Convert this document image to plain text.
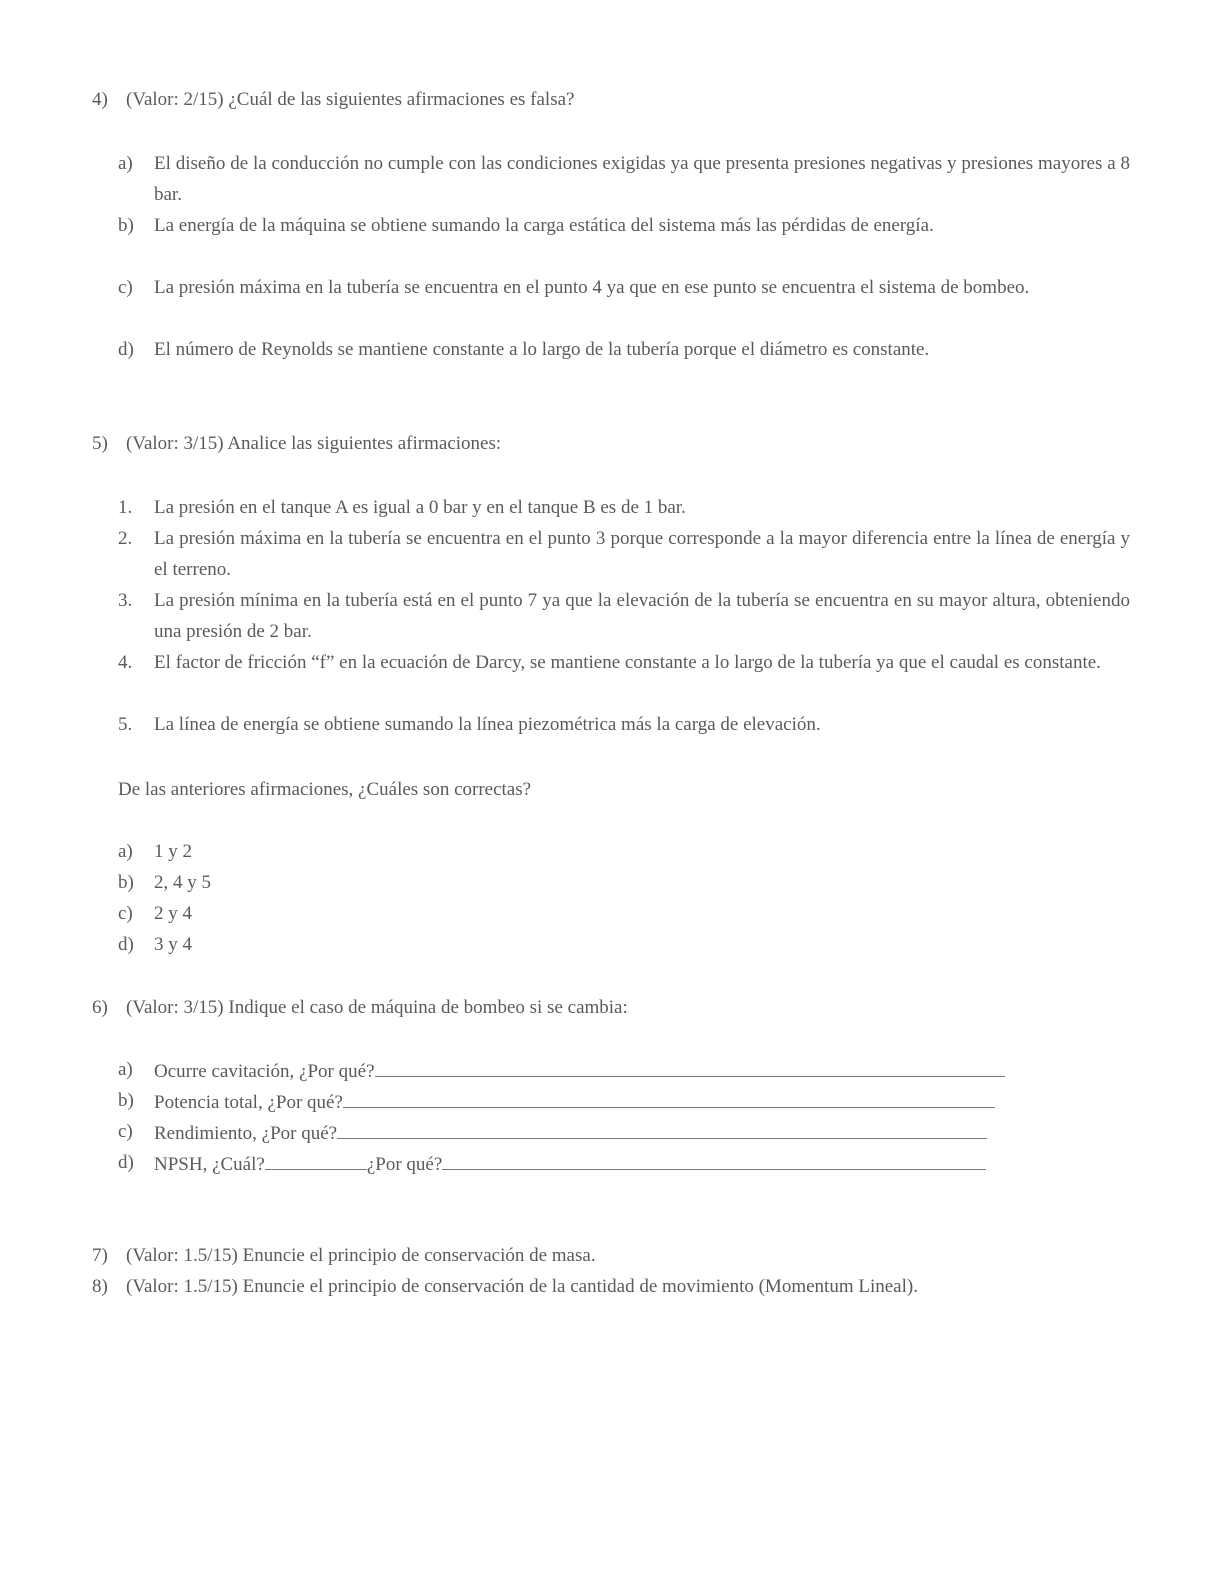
4) (Valor: 2/15) ¿Cuál de las siguientes afirmaciones es falsa?
a)	El diseño de la conducción no cumple con las condiciones exigidas ya que presenta presiones negativas y presiones mayores a 8 bar.
b)	La energía de la máquina se obtiene sumando la carga estática del sistema más las pérdidas de energía.
c)	La presión máxima en la tubería se encuentra en el punto 4 ya que en ese punto se encuentra el sistema de bombeo.
d)	El número de Reynolds se mantiene constante a lo largo de la tubería porque el diámetro es constante.
5) (Valor: 3/15) Analice las siguientes afirmaciones:
1.	La presión en el tanque A es igual a 0 bar y en el tanque B es de 1 bar.
2.	La presión máxima en la tubería se encuentra en el punto 3 porque corresponde a la mayor diferencia entre la línea de energía y el terreno.
3.	La presión mínima en la tubería está en el punto 7 ya que la elevación de la tubería se encuentra en su mayor altura, obteniendo una presión de 2 bar.
4.	El factor de fricción “f” en la ecuación de Darcy, se mantiene constante a lo largo de la tubería ya que el caudal es constante.
5.	La línea de energía se obtiene sumando la línea piezométrica más la carga de elevación.
De las anteriores afirmaciones, ¿Cuáles son correctas?
a)	1 y 2
b)	2, 4 y 5
c)	2 y 4
d)	3 y 4
6) (Valor: 3/15) Indique el caso de máquina de bombeo si se cambia:
a)	Ocurre cavitación, ¿Por qué?
b)	Potencia total, ¿Por qué?
c)	Rendimiento, ¿Por qué?
d)	NPSH, ¿Cuál?	¿Por qué?
7) (Valor: 1.5/15) Enuncie el principio de conservación de masa.
8) (Valor: 1.5/15) Enuncie el principio de conservación de la cantidad de movimiento (Momentum Lineal).
